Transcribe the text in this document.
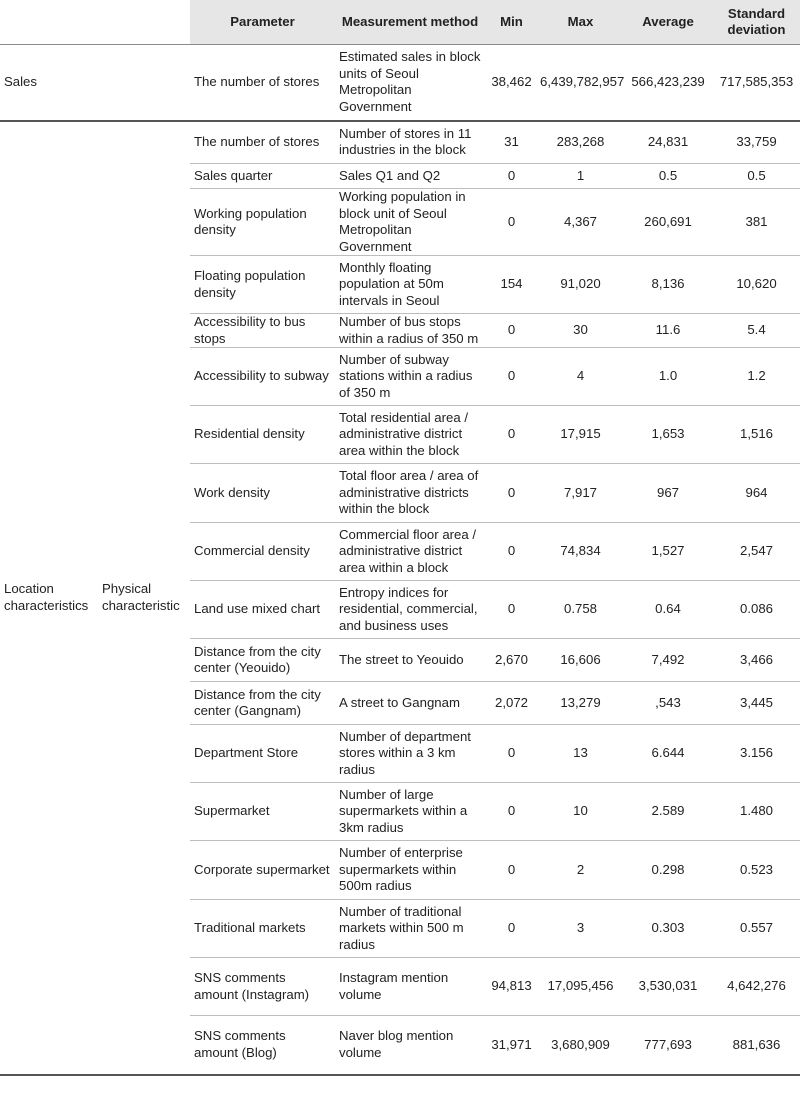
		Parameter	Measurement method	Min	Max	Average	Standard deviation
Sales		The number of stores	Estimated sales in block units of Seoul Metropolitan Government	38,462	6,439,782,957	566,423,239	717,585,353
Location characteristics	Physical characteristic	The number of stores	Number of stores in 11 industries in the block	31	283,268	24,831	33,759
		Sales quarter	Sales Q1 and Q2	0	1	0.5	0.5
		Working population density	Working population in block unit of Seoul Metropolitan Government	0	4,367	260,691	381
		Floating population density	Monthly floating population at 50m intervals in Seoul	154	91,020	8,136	10,620
		Accessibility to bus stops	Number of bus stops within a radius of 350 m	0	30	11.6	5.4
		Accessibility to subway	Number of subway stations within a radius of 350 m	0	4	1.0	1.2
		Residential density	Total residential area / administrative district area within the block	0	17,915	1,653	1,516
		Work density	Total floor area / area of administrative districts within the block	0	7,917	967	964
		Commercial density	Commercial floor area / administrative district area within a block	0	74,834	1,527	2,547
		Land use mixed chart	Entropy indices for residential, commercial, and business uses	0	0.758	0.64	0.086
		Distance from the city center (Yeouido)	The street to Yeouido	2,670	16,606	7,492	3,466
		Distance from the city center (Gangnam)	A street to Gangnam	2,072	13,279	,543	3,445
		Department Store	Number of department stores within a 3 km radius	0	13	6.644	3.156
		Supermarket	Number of large supermarkets within a 3km radius	0	10	2.589	1.480
		Corporate supermarket	Number of enterprise supermarkets within 500m radius	0	2	0.298	0.523
		Traditional markets	Number of traditional markets within 500 m radius	0	3	0.303	0.557
		SNS comments amount (Instagram)	Instagram mention volume	94,813	17,095,456	3,530,031	4,642,276
		SNS comments amount (Blog)	Naver blog mention volume	31,971	3,680,909	777,693	881,636
